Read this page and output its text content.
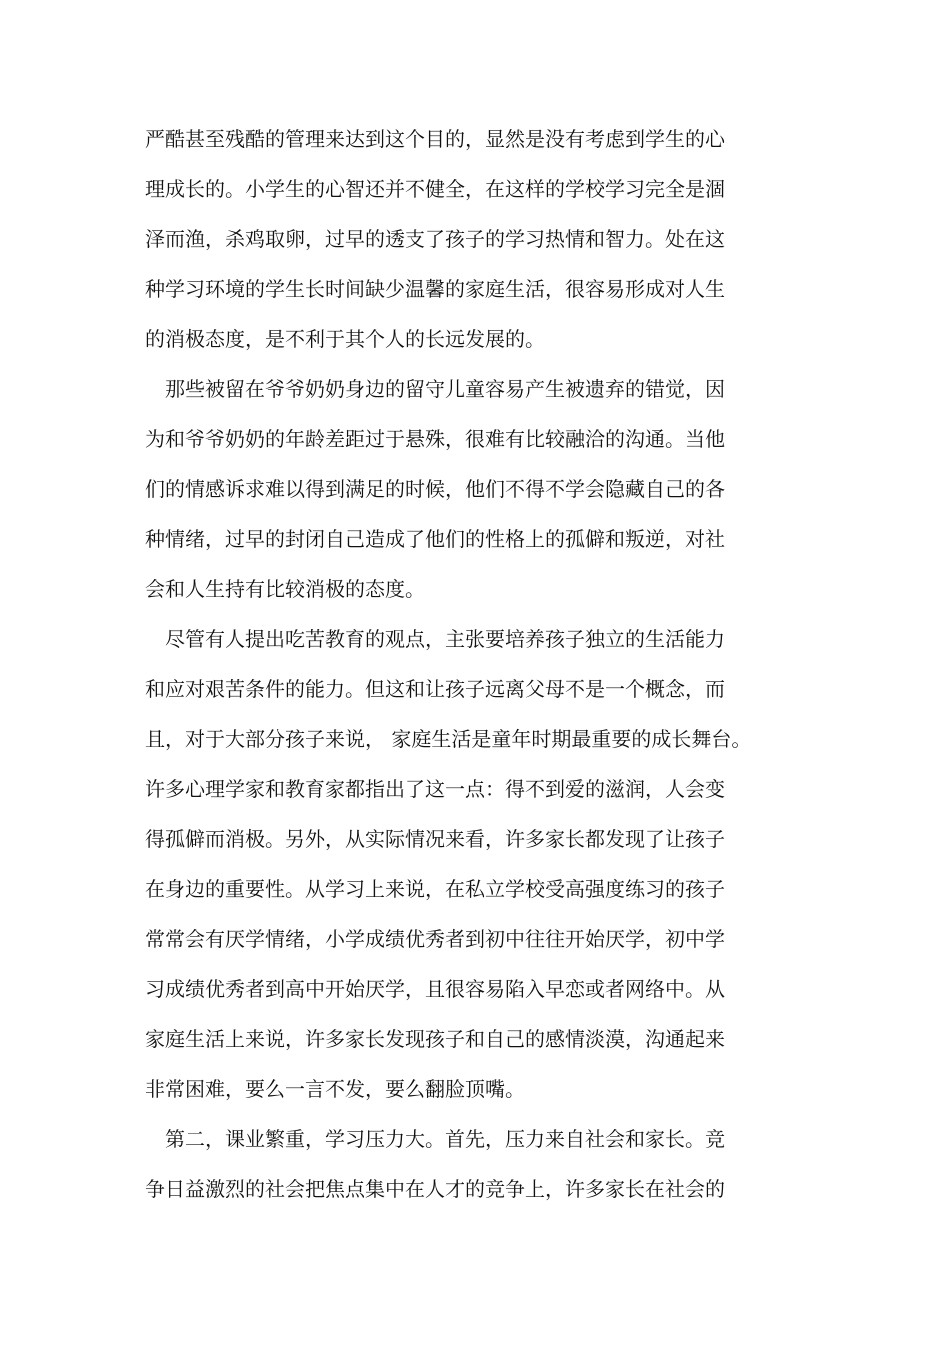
严酷甚至残酷的管理来达到这个目的，显然是没有考虑到学生的心
理成长的。小学生的心智还并不健全，在这样的学校学习完全是涸
泽而渔，杀鸡取卵，过早的透支了孩子的学习热情和智力。处在这
种学习环境的学生长时间缺少温馨的家庭生活，很容易形成对人生
的消极态度，是不利于其个人的长远发展的。
那些被留在爷爷奶奶身边的留守儿童容易产生被遗弃的错觉，因
为和爷爷奶奶的年龄差距过于悬殊，很难有比较融洽的沟通。当他
们的情感诉求难以得到满足的时候，他们不得不学会隐藏自己的各
种情绪，过早的封闭自己造成了他们的性格上的孤僻和叛逆，对社
会和人生持有比较消极的态度。
尽管有人提出吃苦教育的观点，主张要培养孩子独立的生活能力
和应对艰苦条件的能力。但这和让孩子远离父母不是一个概念，而
且，对于大部分孩子来说， 家庭生活是童年时期最重要的成长舞台。
许多心理学家和教育家都指出了这一点：得不到爱的滋润，人会变
得孤僻而消极。另外，从实际情况来看，许多家长都发现了让孩子
在身边的重要性。从学习上来说，在私立学校受高强度练习的孩子
常常会有厌学情绪，小学成绩优秀者到初中往往开始厌学，初中学
习成绩优秀者到高中开始厌学，且很容易陷入早恋或者网络中。从
家庭生活上来说，许多家长发现孩子和自己的感情淡漠，沟通起来
非常困难，要么一言不发，要么翻脸顶嘴。
第二，课业繁重，学习压力大。首先，压力来自社会和家长。竞
争日益激烈的社会把焦点集中在人才的竞争上，许多家长在社会的
